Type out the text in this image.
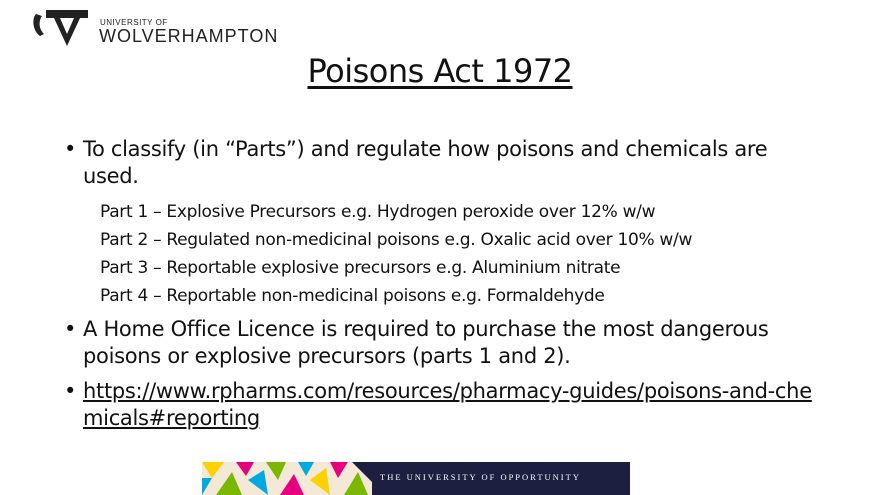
UNIVERSITY OF
WOLVERHAMPTON
Poisons Act 1972
• To classify (in “Parts”) and regulate how poisons and chemicals are used.
Part 1 – Explosive Precursors e.g. Hydrogen peroxide over 12% w/w
Part 2 – Regulated non-medicinal poisons e.g. Oxalic acid over 10% w/w
Part 3 – Reportable explosive precursors e.g. Aluminium nitrate
Part 4 – Reportable non-medicinal poisons e.g. Formaldehyde
• A Home Office Licence is required to purchase the most dangerous poisons or explosive precursors (parts 1 and 2).
• https://www.rpharms.com/resources/pharmacy-guides/poisons-and-chemicals#reporting
THE UNIVERSITY OF OPPORTUNITY
